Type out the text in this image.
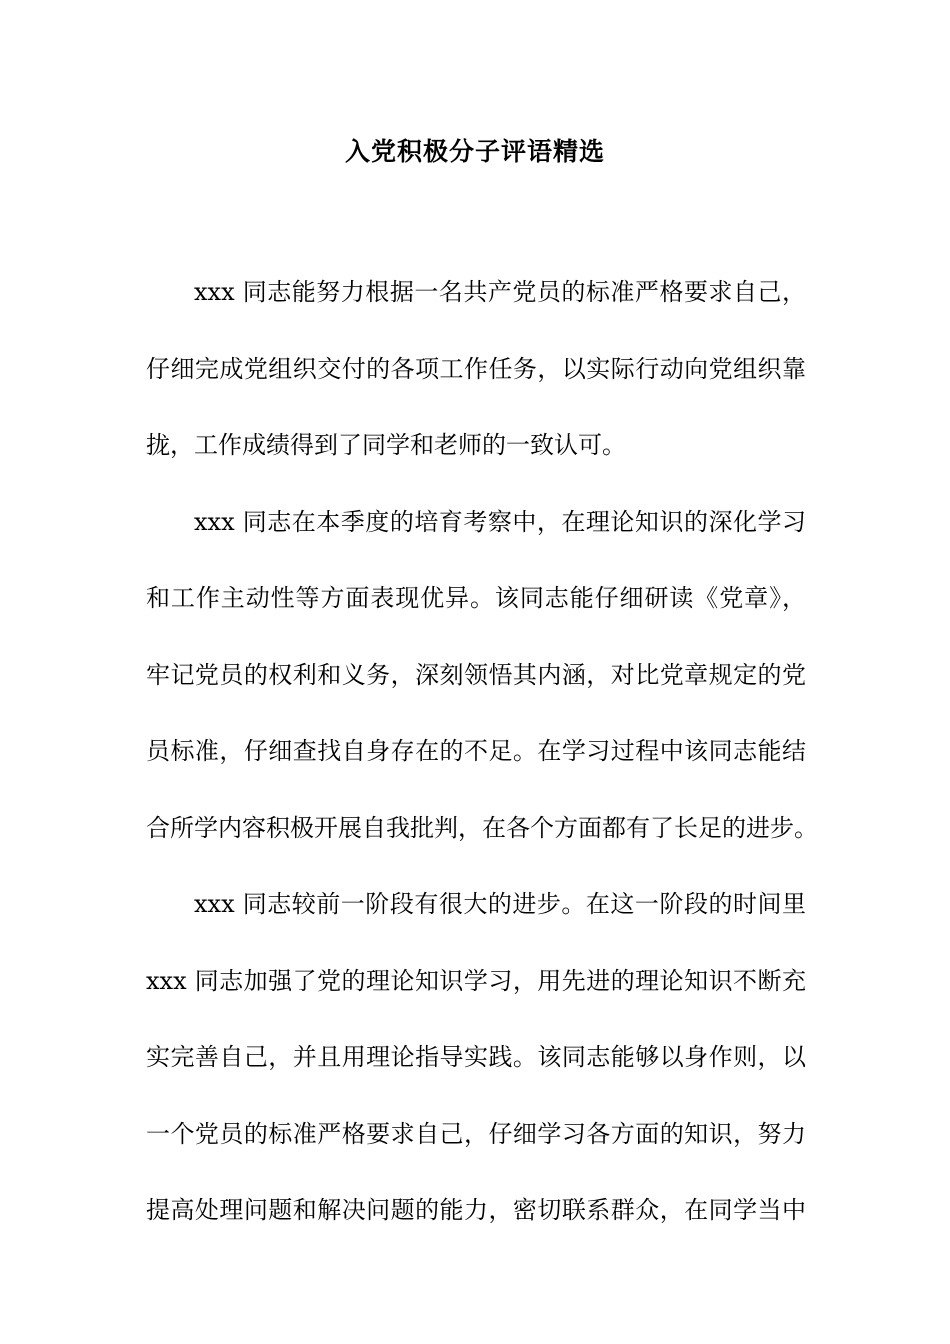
入党积极分子评语精选
xxx 同志能努力根据一名共产党员的标准严格要求自己，
仔细完成党组织交付的各项工作任务，以实际行动向党组织靠
拢，工作成绩得到了同学和老师的一致认可。
xxx 同志在本季度的培育考察中，在理论知识的深化学习
和工作主动性等方面表现优异。该同志能仔细研读《党章》，
牢记党员的权利和义务，深刻领悟其内涵，对比党章规定的党
员标准，仔细查找自身存在的不足。在学习过程中该同志能结
合所学内容积极开展自我批判，在各个方面都有了长足的进步。
xxx 同志较前一阶段有很大的进步。在这一阶段的时间里
xxx 同志加强了党的理论知识学习，用先进的理论知识不断充
实完善自己，并且用理论指导实践。该同志能够以身作则，以
一个党员的标准严格要求自己，仔细学习各方面的知识，努力
提高处理问题和解决问题的能力，密切联系群众，在同学当中
